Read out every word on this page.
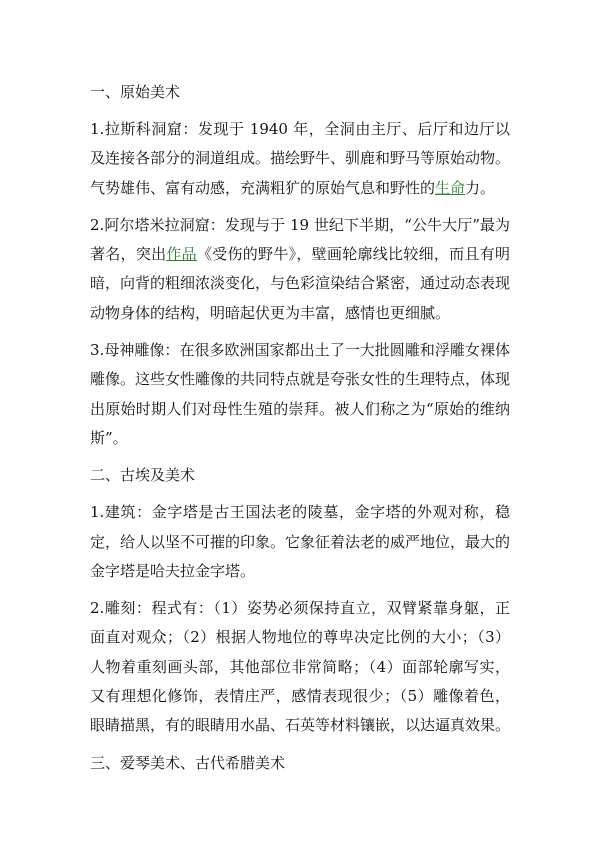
一、原始美术

1.拉斯科洞窟：发现于 1940 年，全洞由主厅、后厅和边厅以及连接各部分的洞道组成。描绘野牛、驯鹿和野马等原始动物。气势雄伟、富有动感，充满粗犷的原始气息和野性的生命力。

2.阿尔塔米拉洞窟：发现与于 19 世纪下半期，“公牛大厅”最为著名，突出作品《受伤的野牛》，壁画轮廓线比较细，而且有明暗，向背的粗细浓淡变化，与色彩渲染结合紧密，通过动态表现动物身体的结构，明暗起伏更为丰富，感情也更细腻。

3.母神雕像：在很多欧洲国家都出土了一大批圆雕和浮雕女裸体雕像。这些女性雕像的共同特点就是夸张女性的生理特点，体现出原始时期人们对母性生殖的崇拜。被人们称之为“原始的维纳斯”。

二、古埃及美术

1.建筑：金字塔是古王国法老的陵墓，金字塔的外观对称，稳定，给人以坚不可摧的印象。它象征着法老的威严地位，最大的金字塔是哈夫拉金字塔。

2.雕刻：程式有：（1）姿势必须保持直立，双臂紧靠身躯，正面直对观众；（2）根据人物地位的尊卑决定比例的大小；（3）人物着重刻画头部，其他部位非常简略；（4）面部轮廓写实，又有理想化修饰，表情庄严，感情表现很少；（5）雕像着色，眼睛描黑，有的眼睛用水晶、石英等材料镶嵌，以达逼真效果。

三、爱琴美术、古代希腊美术
